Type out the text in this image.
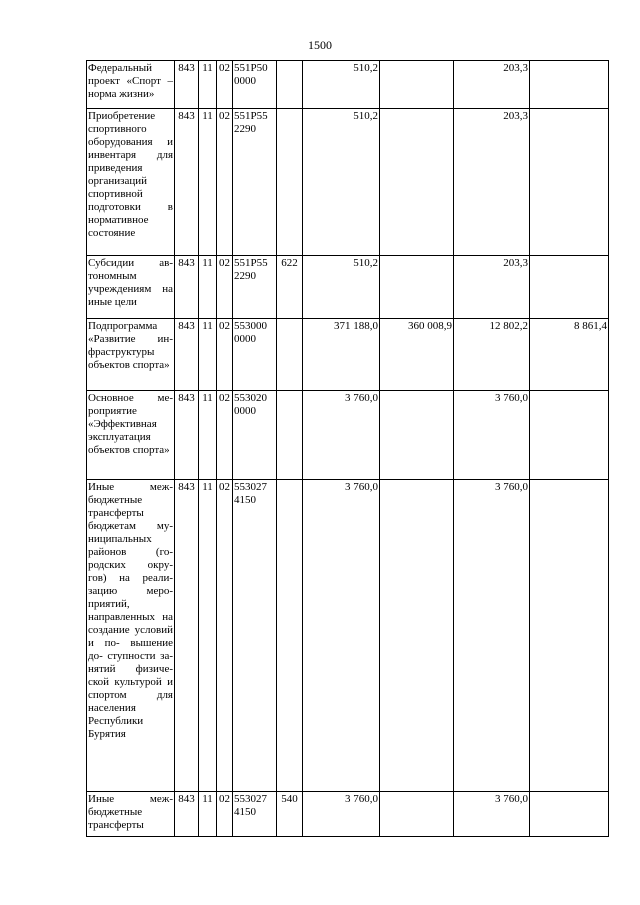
1500
Федеральный проект «Спорт – норма жизни»	843	11	02	551P50 0000		510,2		203,3	
Приобретение спортивного оборудования и инвентаря для приведения организаций спортивной подготовки в нормативное состояние	843	11	02	551P55 2290		510,2		203,3	
Субсидии ав- тономным учреждениям на иные цели	843	11	02	551P55 2290	622	510,2		203,3	
Подпрограмма «Развитие ин- фраструктуры объектов спорта»	843	11	02	553000 0000		371 188,0	360 008,9	12 802,2	8 861,4
Основное ме- роприятие «Эффективная эксплуатация объектов спорта»	843	11	02	553020 0000		3 760,0		3 760,0	
Иные меж- бюджетные трансферты бюджетам му- ниципальных районов (го- родских окру- гов) на реали- зацию меро- приятий, направленных на создание условий и по- вышение до- ступности за- нятий физиче- ской культурой и спортом для населения Республики Бурятия	843	11	02	553027 4150		3 760,0		3 760,0	
Иные меж- бюджетные трансферты	843	11	02	553027 4150	540	3 760,0		3 760,0	
